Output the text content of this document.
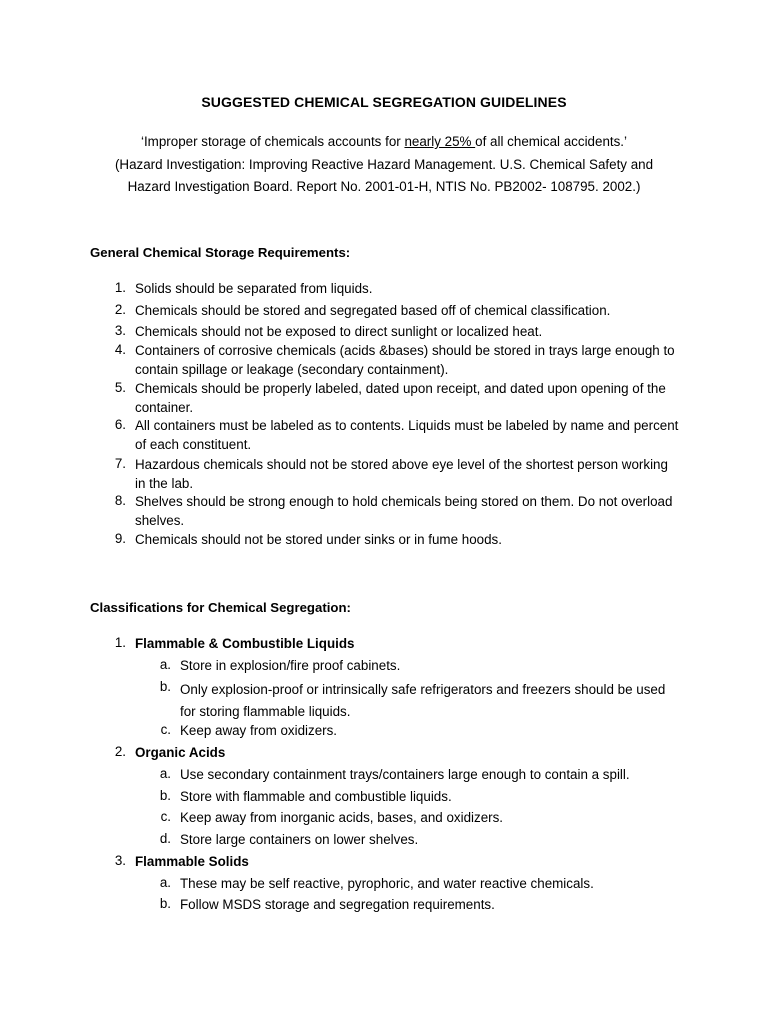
SUGGESTED CHEMICAL SEGREGATION GUIDELINES
‘Improper storage of chemicals accounts for nearly 25% of all chemical accidents.’
(Hazard Investigation: Improving Reactive Hazard Management. U.S. Chemical Safety and
Hazard Investigation Board. Report No. 2001-01-H, NTIS No. PB2002- 108795. 2002.)
General Chemical Storage Requirements:
1. Solids should be separated from liquids.
2. Chemicals should be stored and segregated based off of chemical classification.
3. Chemicals should not be exposed to direct sunlight or localized heat.
4. Containers of corrosive chemicals (acids &bases) should be stored in trays large enough to contain spillage or leakage (secondary containment).
5. Chemicals should be properly labeled, dated upon receipt, and dated upon opening of the container.
6. All containers must be labeled as to contents. Liquids must be labeled by name and percent of each constituent.
7. Hazardous chemicals should not be stored above eye level of the shortest person working in the lab.
8. Shelves should be strong enough to hold chemicals being stored on them. Do not overload shelves.
9. Chemicals should not be stored under sinks or in fume hoods.
Classifications for Chemical Segregation:
1. Flammable & Combustible Liquids
a. Store in explosion/fire proof cabinets.
b. Only explosion-proof or intrinsically safe refrigerators and freezers should be used for storing flammable liquids.
c. Keep away from oxidizers.
2. Organic Acids
a. Use secondary containment trays/containers large enough to contain a spill.
b. Store with flammable and combustible liquids.
c. Keep away from inorganic acids, bases, and oxidizers.
d. Store large containers on lower shelves.
3. Flammable Solids
a. These may be self reactive, pyrophoric, and water reactive chemicals.
b. Follow MSDS storage and segregation requirements.
